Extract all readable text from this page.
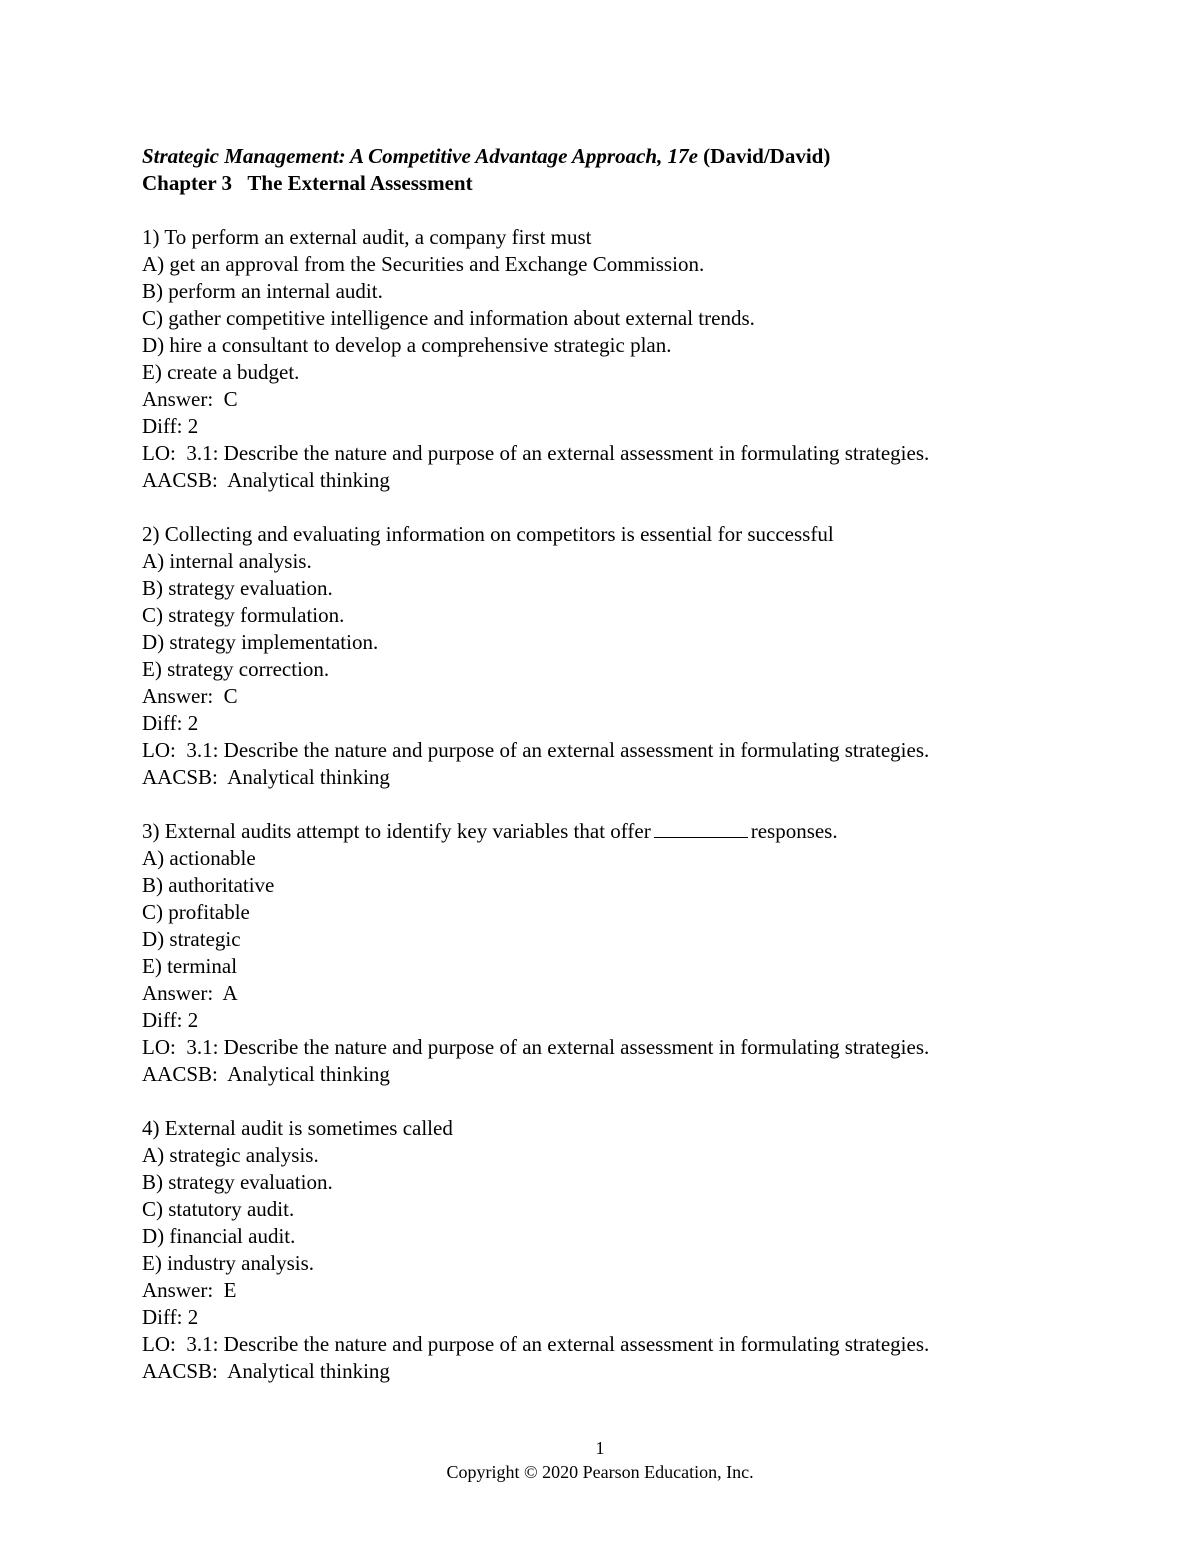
Strategic Management: A Competitive Advantage Approach, 17e (David/David)
Chapter 3   The External Assessment
1) To perform an external audit, a company first must
A) get an approval from the Securities and Exchange Commission.
B) perform an internal audit.
C) gather competitive intelligence and information about external trends.
D) hire a consultant to develop a comprehensive strategic plan.
E) create a budget.
Answer:  C
Diff: 2
LO:  3.1: Describe the nature and purpose of an external assessment in formulating strategies.
AACSB:  Analytical thinking
2) Collecting and evaluating information on competitors is essential for successful
A) internal analysis.
B) strategy evaluation.
C) strategy formulation.
D) strategy implementation.
E) strategy correction.
Answer:  C
Diff: 2
LO:  3.1: Describe the nature and purpose of an external assessment in formulating strategies.
AACSB:  Analytical thinking
3) External audits attempt to identify key variables that offer	responses.
A) actionable
B) authoritative
C) profitable
D) strategic
E) terminal
Answer:  A
Diff: 2
LO:  3.1: Describe the nature and purpose of an external assessment in formulating strategies.
AACSB:  Analytical thinking
4) External audit is sometimes called
A) strategic analysis.
B) strategy evaluation.
C) statutory audit.
D) financial audit.
E) industry analysis.
Answer:  E
Diff: 2
LO:  3.1: Describe the nature and purpose of an external assessment in formulating strategies.
AACSB:  Analytical thinking
1
Copyright © 2020 Pearson Education, Inc.
